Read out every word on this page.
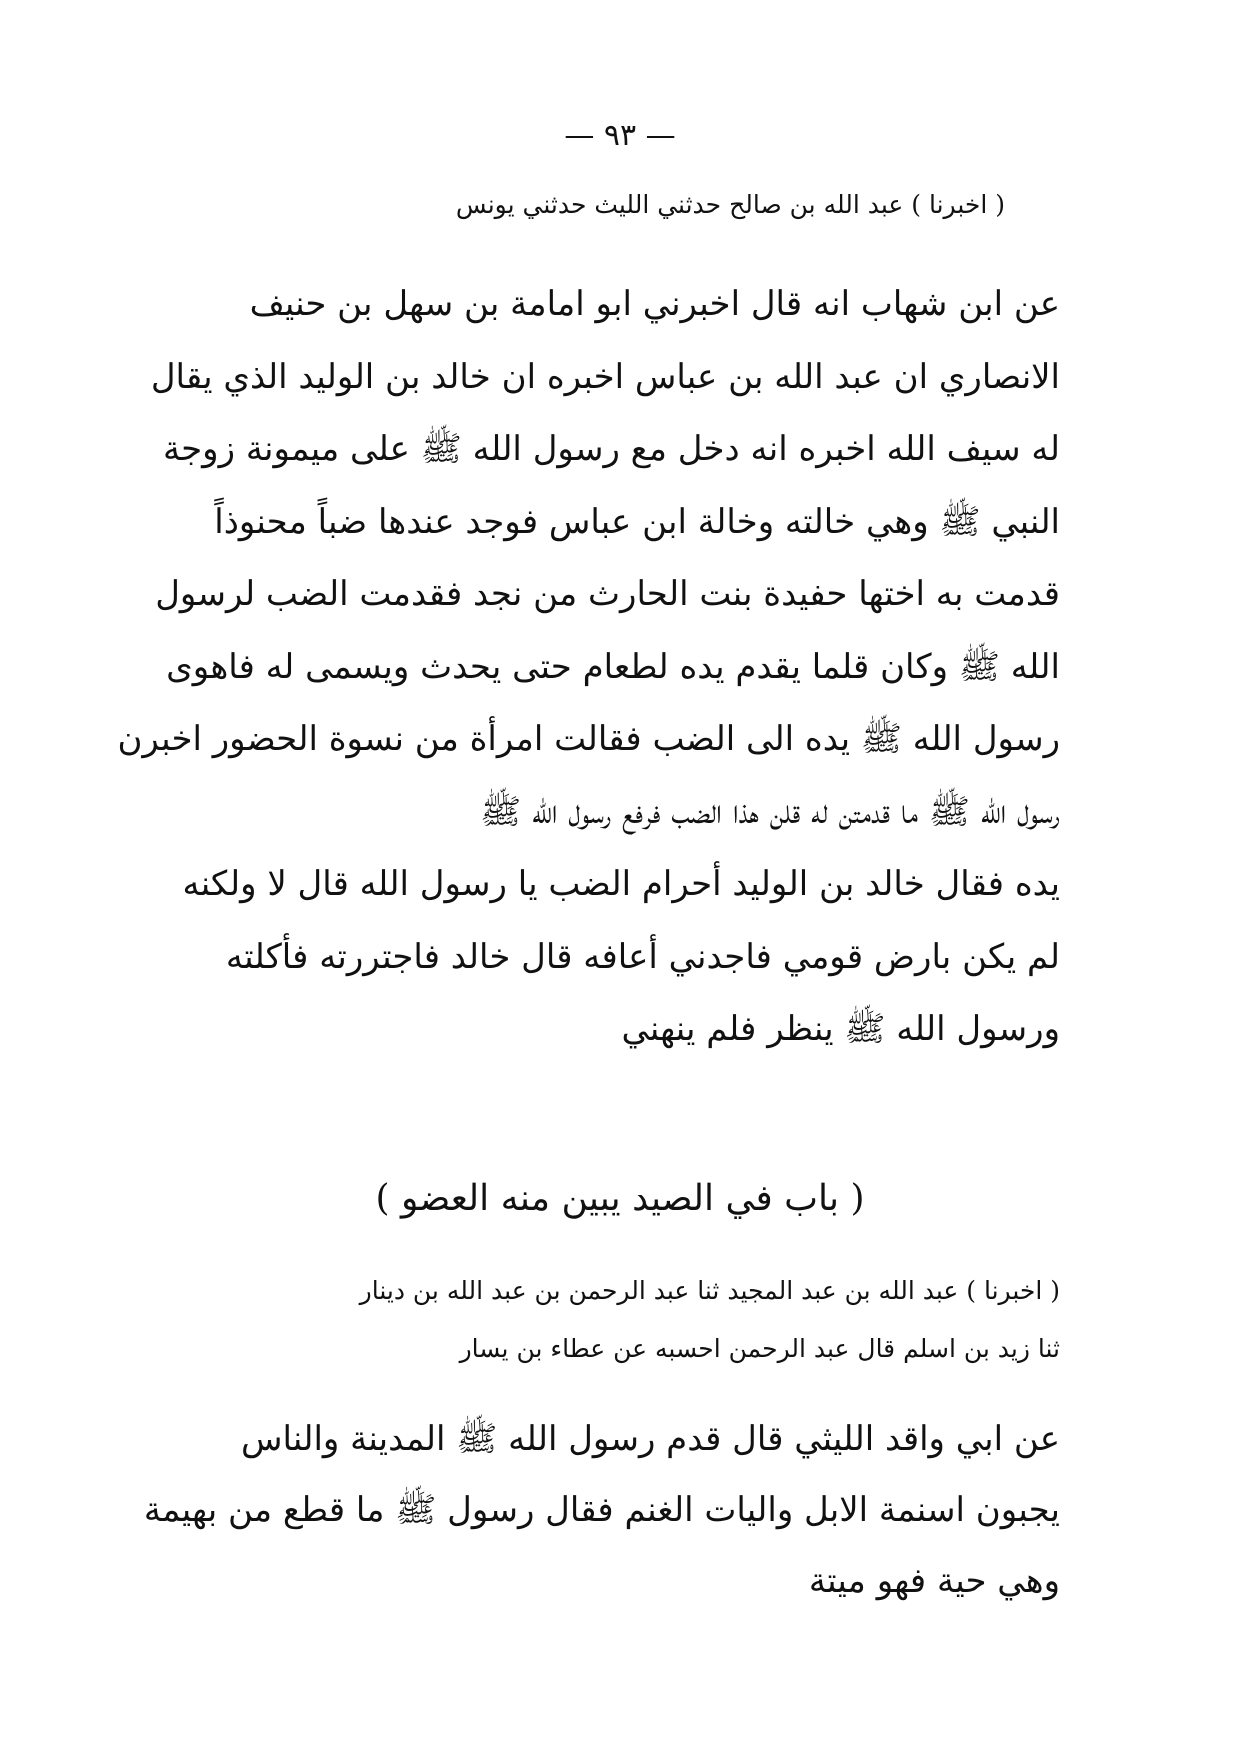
— ٩٣ —
( اخبرنا ) عبد الله بن صالح حدثني الليث حدثني يونس
عن ابن شهاب انه قال اخبرني ابو امامة بن سهل بن حنيف
الانصاري ان عبد الله بن عباس اخبره ان خالد بن الوليد الذي يقال
له سيف الله اخبره انه دخل مع رسول الله ﷺ على ميمونة زوجة
النبي ﷺ وهي خالته وخالة ابن عباس فوجد عندها ضباً محنوذاً
قدمت به اختها حفيدة بنت الحارث من نجد فقدمت الضب لرسول
الله ﷺ وكان قلما يقدم يده لطعام حتى يحدث ويسمى له فاهوى
رسول الله ﷺ يده الى الضب فقالت امرأة من نسوة الحضور اخبرن
رسول الله ﷺ ما قدمتن له قلن هذا الضب فرفع رسول الله ﷺ
يده فقال خالد بن الوليد أحرام الضب يا رسول الله قال لا ولكنه
لم يكن بارض قومي فاجدني أعافه قال خالد فاجتررته فأكلته
ورسول الله ﷺ ينظر فلم ينهني
( باب في الصيد يبين منه العضو )
( اخبرنا ) عبد الله بن عبد المجيد ثنا عبد الرحمن بن عبد الله بن دينار
ثنا زيد بن اسلم قال عبد الرحمن احسبه عن عطاء بن يسار
عن ابي واقد الليثي قال قدم رسول الله ﷺ المدينة والناس
يجبون اسنمة الابل واليات الغنم فقال رسول ﷺ ما قطع من بهيمة
وهي حية فهو ميتة
